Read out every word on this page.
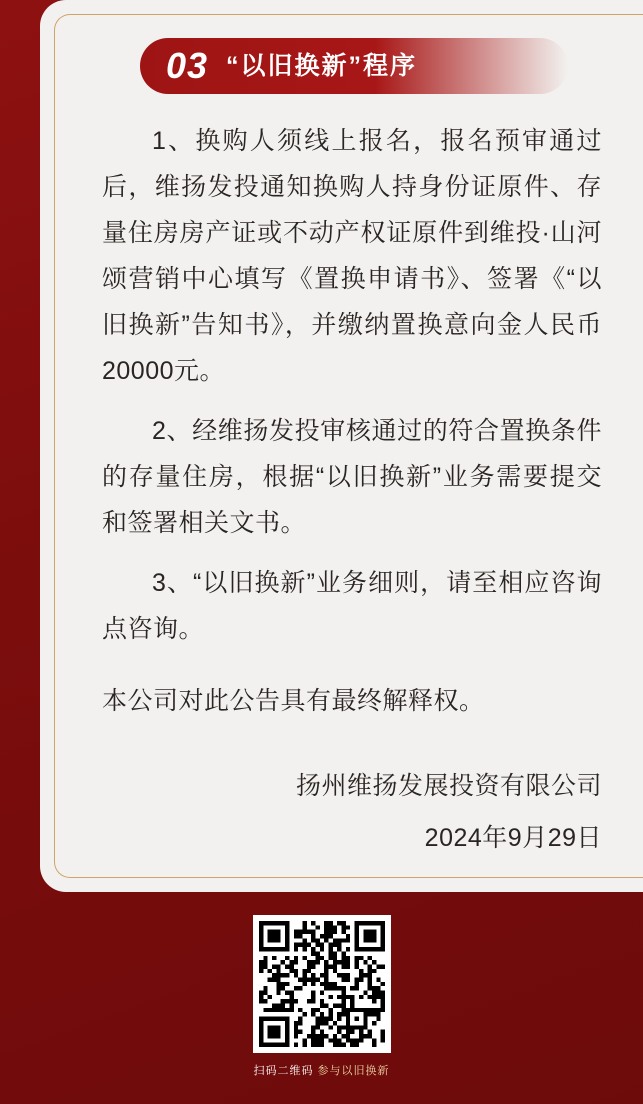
03 “以旧换新”程序

1、换购人须线上报名，报名预审通过后，维扬发投通知换购人持身份证原件、存量住房房产证或不动产权证原件到维投·山河颂营销中心填写《置换申请书》、签署《“以旧换新”告知书》，并缴纳置换意向金人民币20000元。

2、经维扬发投审核通过的符合置换条件的存量住房，根据“以旧换新”业务需要提交和签署相关文书。

3、“以旧换新”业务细则，请至相应咨询点咨询。

本公司对此公告具有最终解释权。

扬州维扬发展投资有限公司
2024年9月29日
扫码二维码 参与以旧换新
